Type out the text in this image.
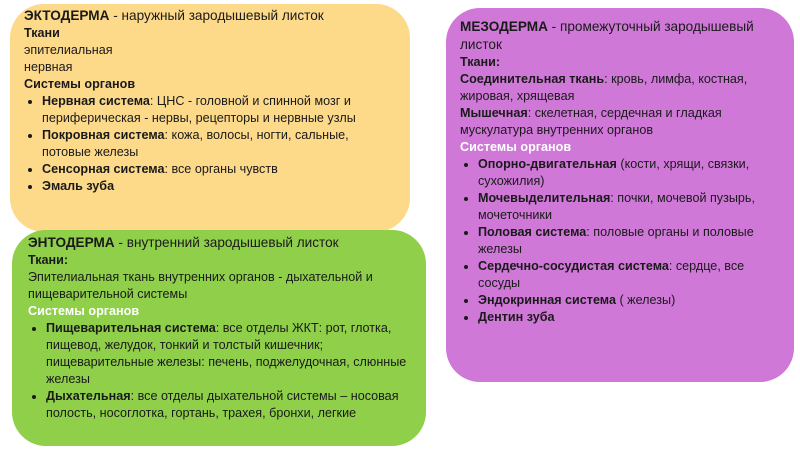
ЭКТОДЕРМА - наружный зародышевый листок

Ткани

эпителиальная

нервная

Системы органов

• Нервная система: ЦНС - головной и спинной мозг и периферическая - нервы, рецепторы и нервные узлы
• Покровная система: кожа, волосы, ногти, сальные, потовые железы
• Сенсорная система: все органы чувств
• Эмаль зуба

ЭНТОДЕРМА - внутренний зародышевый листок

Ткани:

Эпителиальная ткань внутренних органов - дыхательной и пищеварительной системы

Системы органов

• Пищеварительная система: все отделы ЖКТ: рот, глотка, пищевод, желудок, тонкий и толстый кишечник; пищеварительные железы: печень, поджелудочная, слюнные железы
• Дыхательная: все отделы дыхательной системы – носовая полость, носоглотка, гортань, трахея, бронхи, легкие

МЕЗОДЕРМА - промежуточный зародышевый листок

Ткани:

Соединительная ткань: кровь, лимфа, костная, жировая, хрящевая

Мышечная: скелетная, сердечная и гладкая мускулатура внутренних органов

Системы органов

• Опорно-двигательная (кости, хрящи, связки, сухожилия)
• Мочевыделительная: почки, мочевой пузырь, мочеточники
• Половая система: половые органы и половые железы
• Сердечно-сосудистая система: сердце, все сосуды
• Эндокринная система ( железы)
• Дентин зуба
